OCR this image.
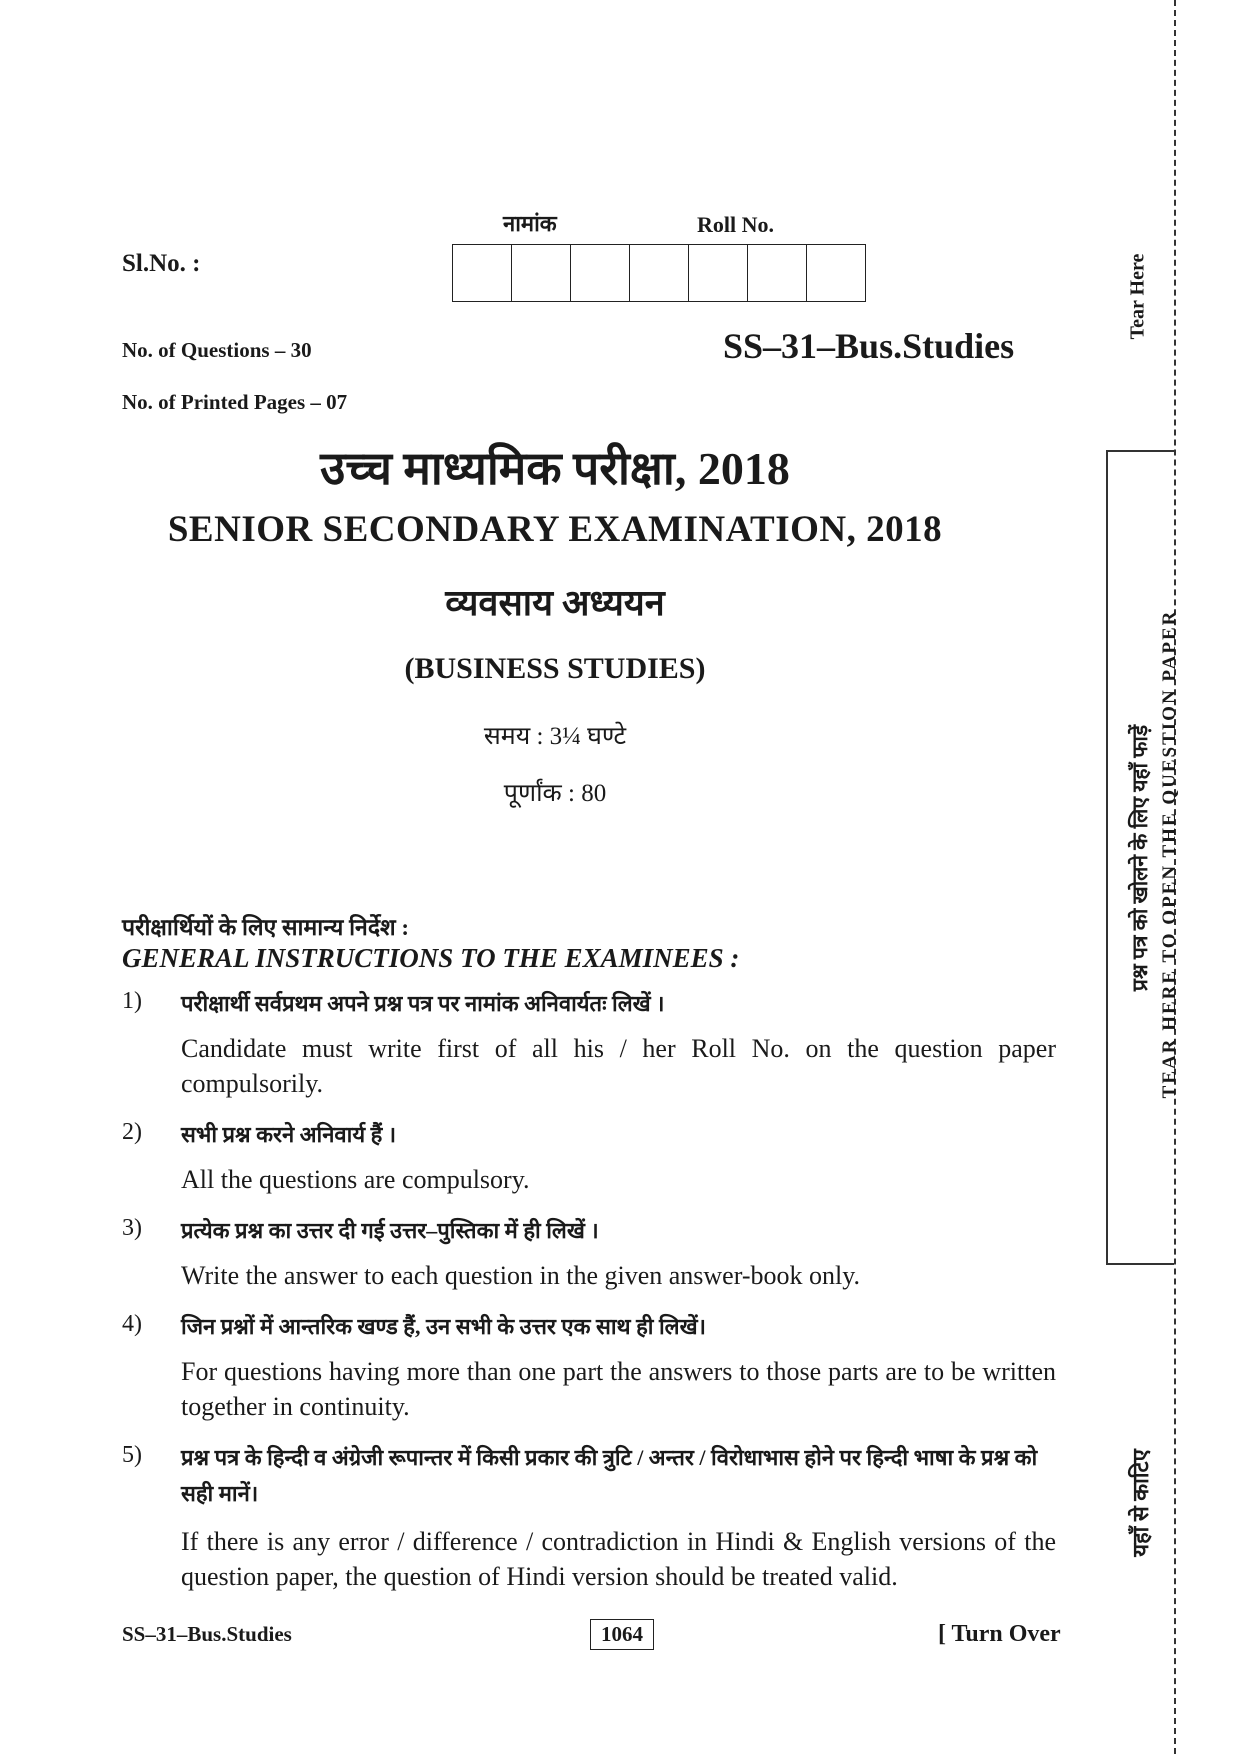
Sl.No. :
नामांक	Roll No.
No. of Questions – 30
No. of Printed Pages – 07
SS–31–Bus.Studies
उच्च माध्यमिक परीक्षा, 2018
SENIOR SECONDARY EXAMINATION, 2018
व्यवसाय अध्ययन
(BUSINESS STUDIES)
समय : 3¼ घण्टे
पूर्णांक : 80
परीक्षार्थियों के लिए सामान्य निर्देश :
GENERAL INSTRUCTIONS TO THE EXAMINEES :
1) परीक्षार्थी सर्वप्रथम अपने प्रश्न पत्र पर नामांक अनिवार्यतः लिखें ।
Candidate must write first of all his / her Roll No. on the question paper compulsorily.
2) सभी प्रश्न करने अनिवार्य हैं ।
All the questions are compulsory.
3) प्रत्येक प्रश्न का उत्तर दी गई उत्तर–पुस्तिका में ही लिखें ।
Write the answer to each question in the given answer-book only.
4) जिन प्रश्नों में आन्तरिक खण्ड हैं, उन सभी के उत्तर एक साथ ही लिखें।
For questions having more than one part the answers to those parts are to be written together in continuity.
5) प्रश्न पत्र के हिन्दी व अंग्रेजी रूपान्तर में किसी प्रकार की त्रुटि / अन्तर / विरोधाभास होने पर हिन्दी भाषा के प्रश्न को सही मानें।
If there is any error / difference / contradiction in Hindi & English versions of the question paper, the question of Hindi version should be treated valid.
SS–31–Bus.Studies	1064	[ Turn Over
Tear Here
प्रश्न पत्र को खोलने के लिए यहाँ फाड़ें TEAR HERE TO OPEN THE QUESTION PAPER
यहाँ से काटिए
